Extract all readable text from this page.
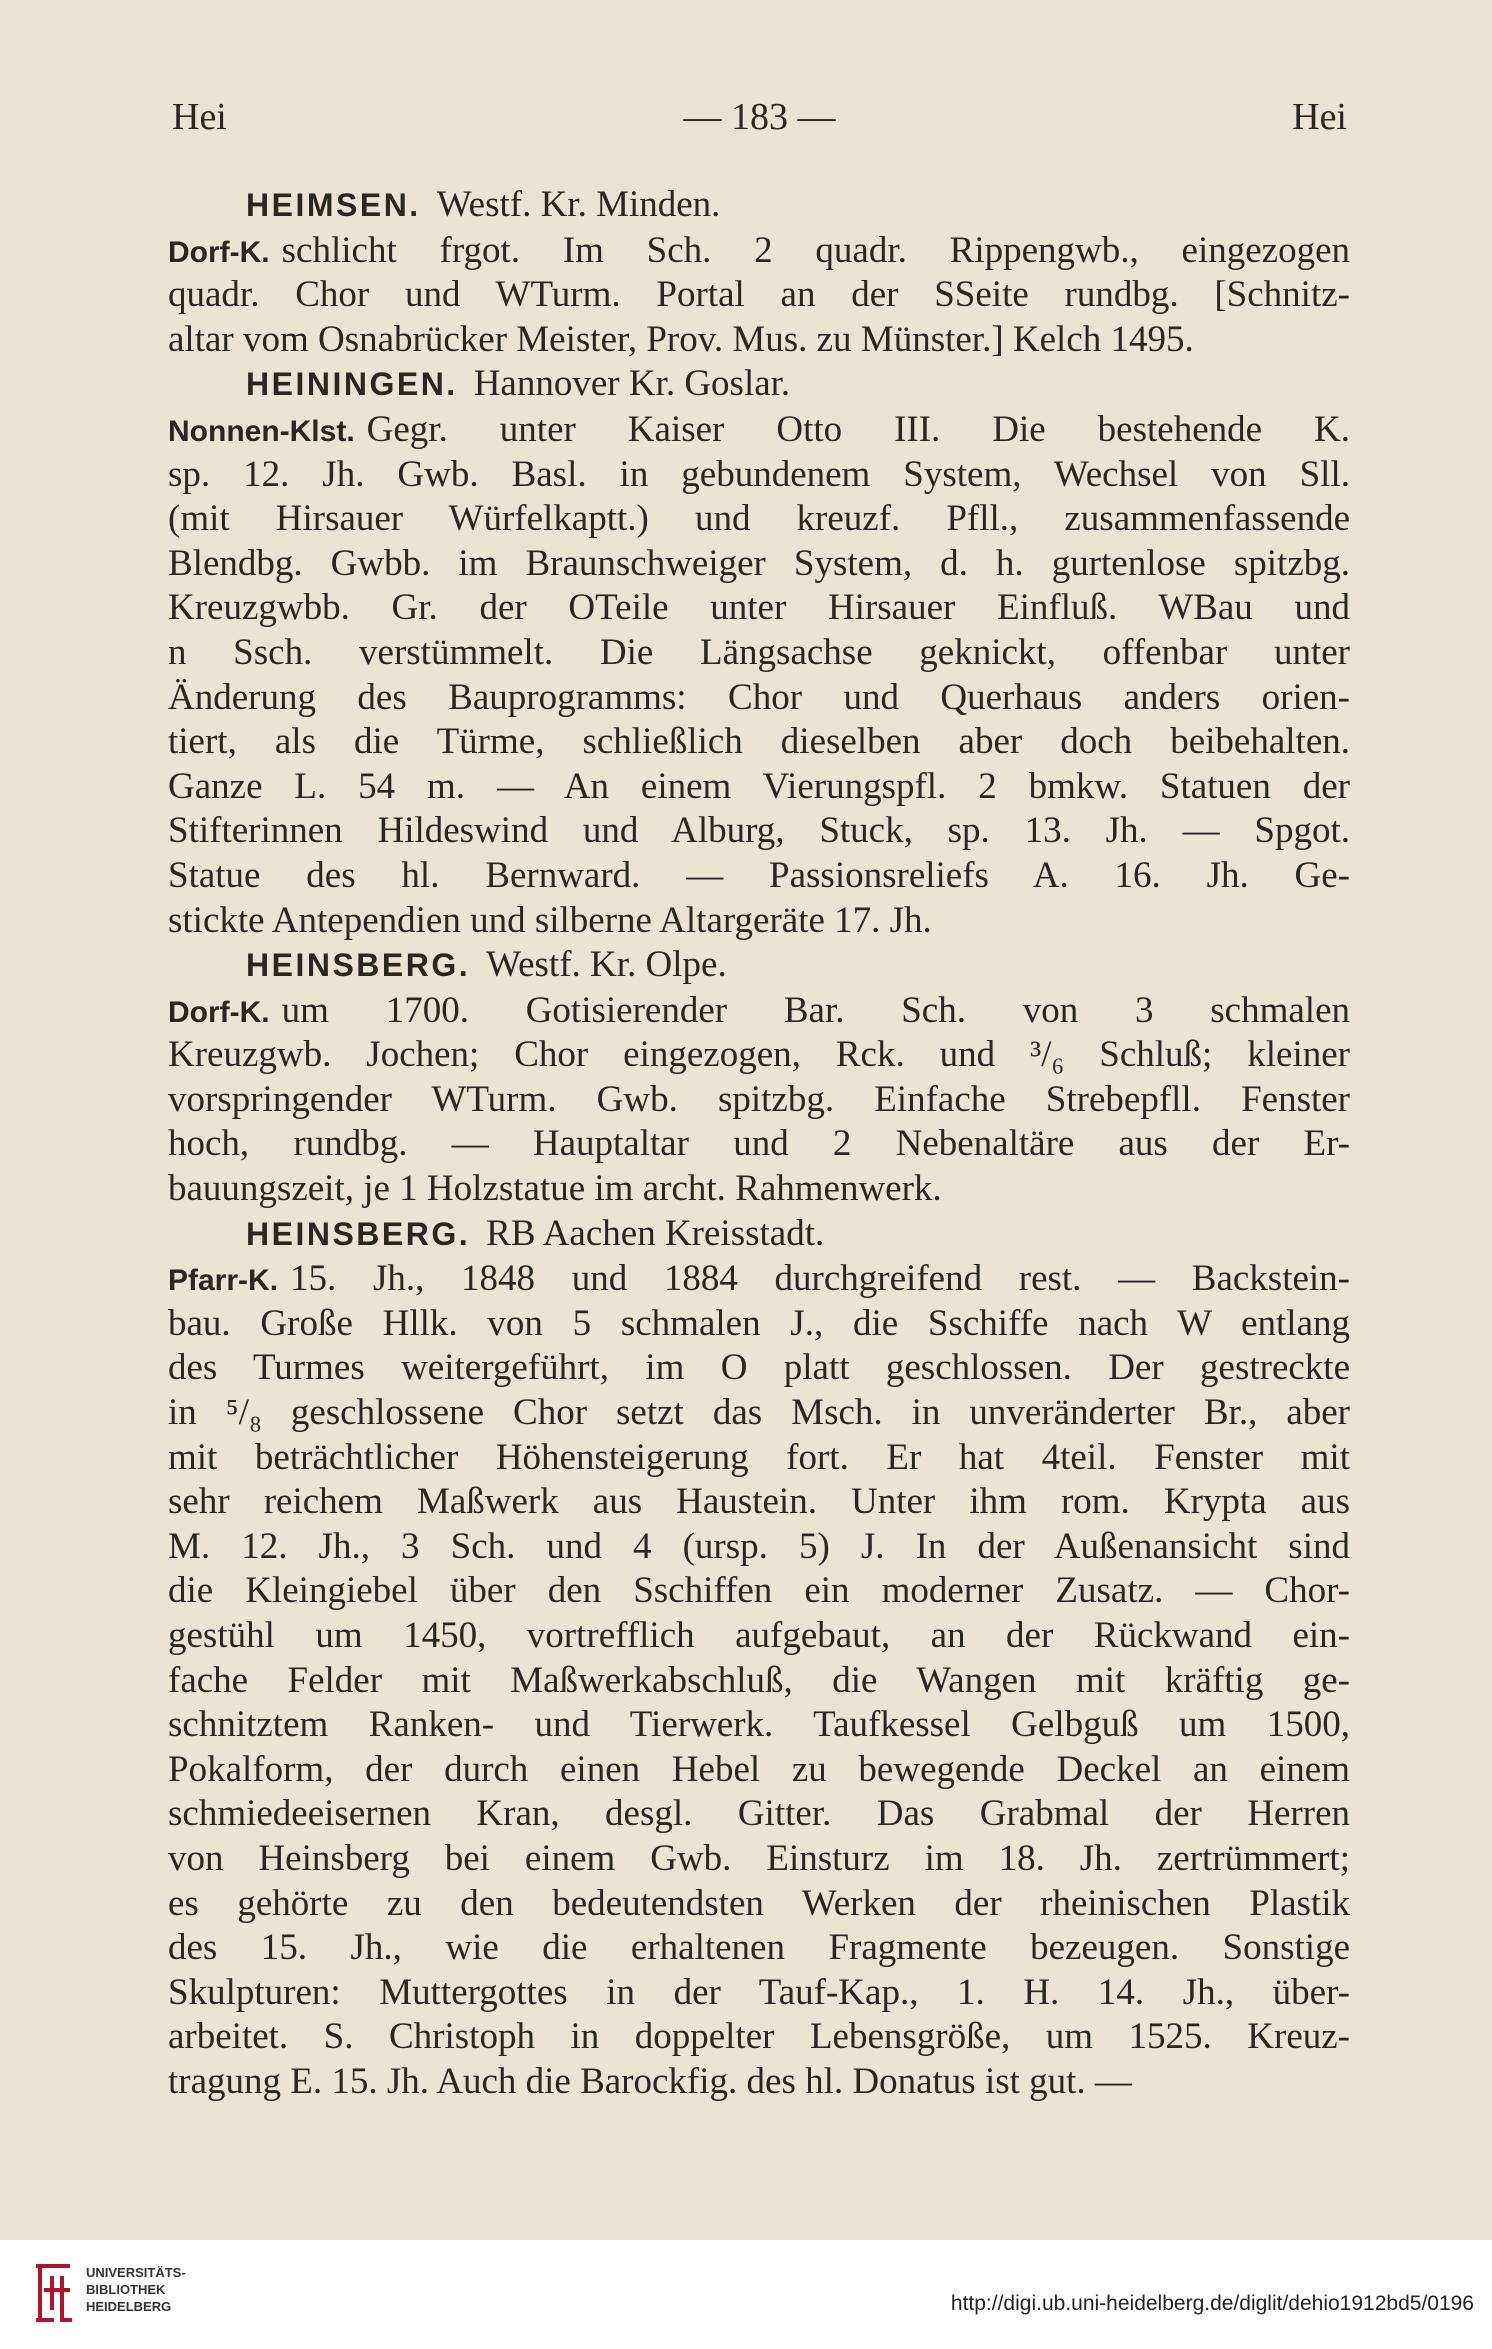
Hei	— 183 —	Hei
HEIMSEN. Westf. Kr. Minden.
Dorf-K. schlicht frgot. Im Sch. 2 quadr. Rippengwb., eingezogen
quadr. Chor und WTurm. Portal an der SSeite rundbg. [Schnitz-
altar vom Osnabrücker Meister, Prov. Mus. zu Münster.] Kelch 1495.
HEININGEN. Hannover Kr. Goslar.
Nonnen-Klst. Gegr. unter Kaiser Otto III. Die bestehende K.
sp. 12. Jh. Gwb. Basl. in gebundenem System, Wechsel von Sll.
(mit Hirsauer Würfelkaptt.) und kreuzf. Pfll., zusammenfassende
Blendbg. Gwbb. im Braunschweiger System, d. h. gurtenlose spitzbg.
Kreuzgwbb. Gr. der OTeile unter Hirsauer Einfluß. WBau und
n Ssch. verstümmelt. Die Längsachse geknickt, offenbar unter
Änderung des Bauprogramms: Chor und Querhaus anders orien-
tiert, als die Türme, schließlich dieselben aber doch beibehalten.
Ganze L. 54 m. — An einem Vierungspfl. 2 bmkw. Statuen der
Stifterinnen Hildeswind und Alburg, Stuck, sp. 13. Jh. — Spgot.
Statue des hl. Bernward. — Passionsreliefs A. 16. Jh. Ge-
stickte Antependien und silberne Altargeräte 17. Jh.
HEINSBERG. Westf. Kr. Olpe.
Dorf-K. um 1700. Gotisierender Bar. Sch. von 3 schmalen
Kreuzgwb. Jochen; Chor eingezogen, Rck. und ³/₆ Schluß; kleiner
vorspringender WTurm. Gwb. spitzbg. Einfache Strebepfll. Fenster
hoch, rundbg. — Hauptaltar und 2 Nebenaltäre aus der Er-
bauungszeit, je 1 Holzstatue im archt. Rahmenwerk.
HEINSBERG. RB Aachen Kreisstadt.
Pfarr-K. 15. Jh., 1848 und 1884 durchgreifend rest. — Backstein-
bau. Große Hllk. von 5 schmalen J., die Sschiffe nach W entlang
des Turmes weitergeführt, im O platt geschlossen. Der gestreckte
in ⁵/₈ geschlossene Chor setzt das Msch. in unveränderter Br., aber
mit beträchtlicher Höhensteigerung fort. Er hat 4teil. Fenster mit
sehr reichem Maßwerk aus Haustein. Unter ihm rom. Krypta aus
M. 12. Jh., 3 Sch. und 4 (ursp. 5) J. In der Außenansicht sind
die Kleingiebel über den Sschiffen ein moderner Zusatz. — Chor-
gestühl um 1450, vortrefflich aufgebaut, an der Rückwand ein-
fache Felder mit Maßwerkabschluß, die Wangen mit kräftig ge-
schnitztem Ranken- und Tierwerk. Taufkessel Gelbguß um 1500,
Pokalform, der durch einen Hebel zu bewegende Deckel an einem
schmiedeeisernen Kran, desgl. Gitter. Das Grabmal der Herren
von Heinsberg bei einem Gwb. Einsturz im 18. Jh. zertrümmert;
es gehörte zu den bedeutendsten Werken der rheinischen Plastik
des 15. Jh., wie die erhaltenen Fragmente bezeugen. Sonstige
Skulpturen: Muttergottes in der Tauf-Kap., 1. H. 14. Jh., über-
arbeitet. S. Christoph in doppelter Lebensgröße, um 1525. Kreuz-
tragung E. 15. Jh. Auch die Barockfig. des hl. Donatus ist gut. —
UNIVERSITÄTS-
BIBLIOTHEK
HEIDELBERG	http://digi.ub.uni-heidelberg.de/diglit/dehio1912bd5/0196
